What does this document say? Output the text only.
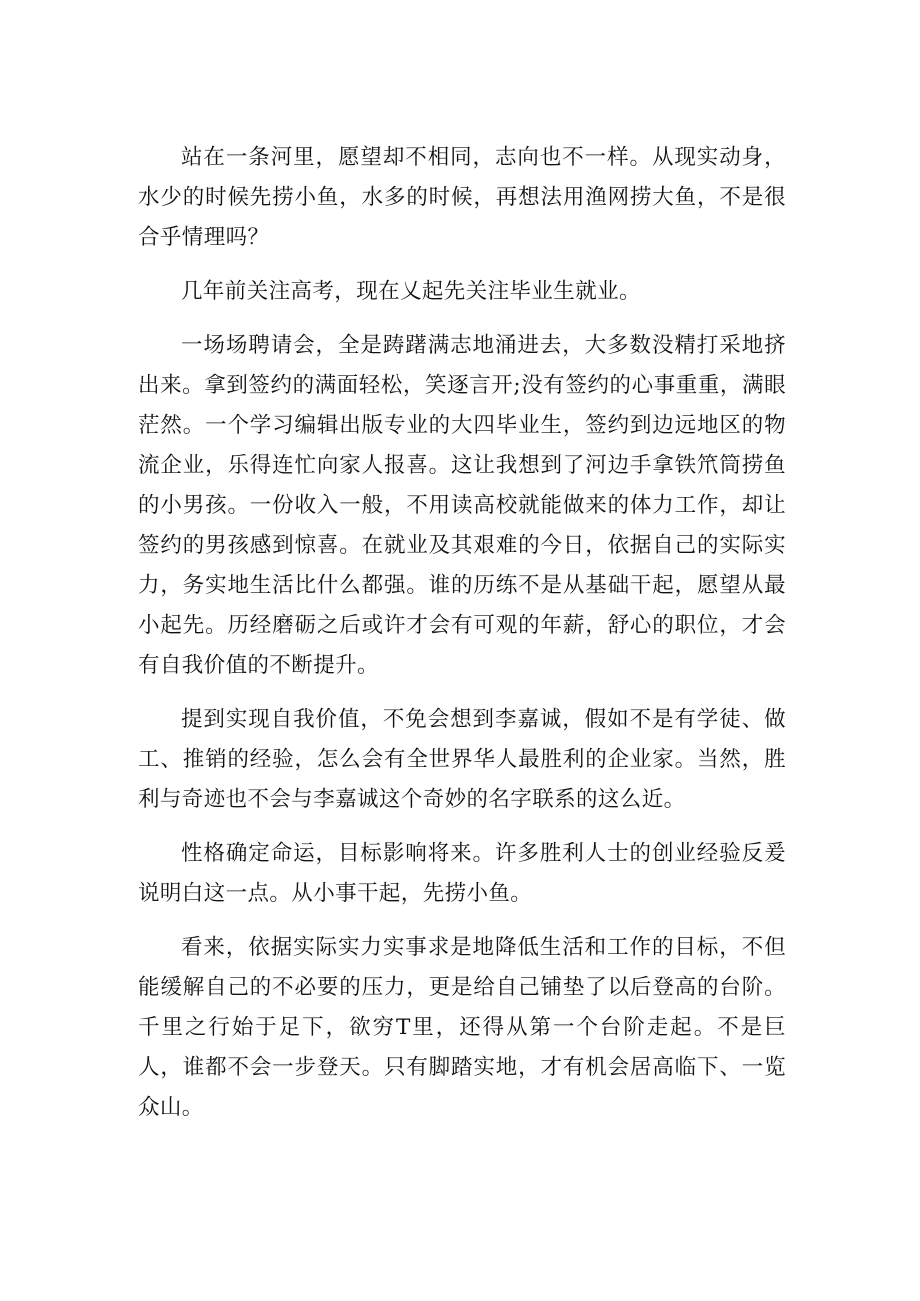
站在一条河里，愿望却不相同，志向也不一样。从现实动身，水少的时候先捞小鱼，水多的时候，再想法用渔网捞大鱼，不是很合乎情理吗？

几年前关注高考，现在乂起先关注毕业生就业。

一场场聘请会，全是踌躇满志地涌进去，大多数没精打采地挤出来。拿到签约的满面轻松，笑逐言开;没有签约的心事重重，满眼茫然。一个学习编辑出版专业的大四毕业生，签约到边远地区的物流企业，乐得连忙向家人报喜。这让我想到了河边手拿铁笊筒捞鱼的小男孩。一份收入一般，不用读高校就能做来的体力工作，却让签约的男孩感到惊喜。在就业及其艰难的今日，依据自己的实际实力，务实地生活比什么都强。谁的历练不是从基础干起，愿望从最小起先。历经磨砺之后或许才会有可观的年薪，舒心的职位，才会有自我价值的不断提升。

提到实现自我价值，不免会想到李嘉诚，假如不是有学徒、做工、推销的经验，怎么会有全世界华人最胜利的企业家。当然，胜利与奇迹也不会与李嘉诚这个奇妙的名字联系的这么近。

性格确定命运，目标影响将来。许多胜利人士的创业经验反爰说明白这一点。从小事干起，先捞小鱼。

看来，依据实际实力实事求是地降低生活和工作的目标，不但能缓解自己的不必要的压力，更是给自己铺垫了以后登高的台阶。千里之行始于足下，欲穷T里，还得从第一个台阶走起。不是巨人，谁都不会一步登天。只有脚踏实地，才有机会居高临下、一览众山。
